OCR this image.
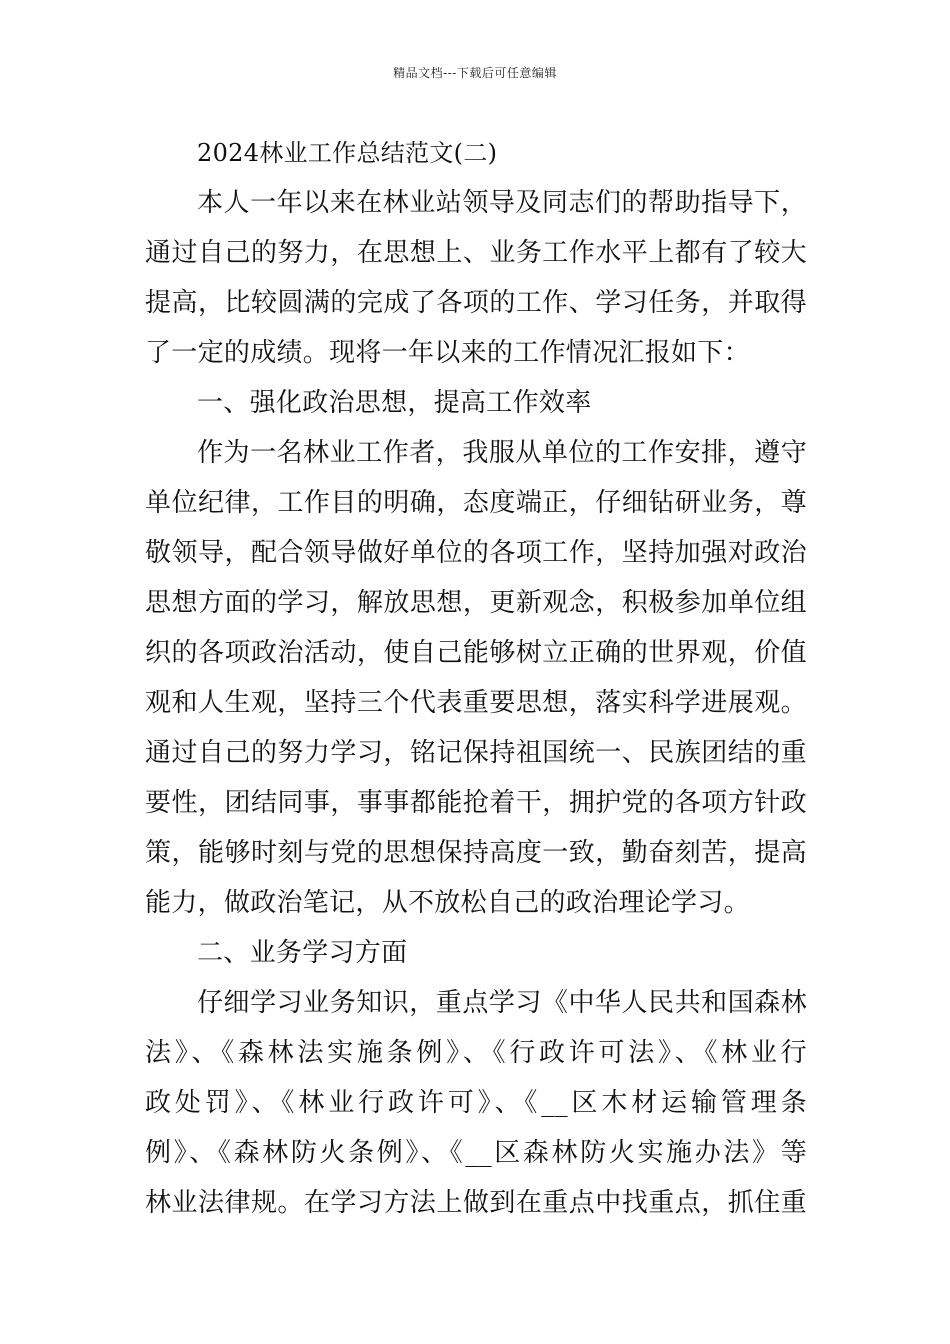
精品文档---下载后可任意编辑
2024林业工作总结范文(二)
本人一年以来在林业站领导及同志们的帮助指导下，
通过自己的努力，在思想上、业务工作水平上都有了较大
提高，比较圆满的完成了各项的工作、学习任务，并取得
了一定的成绩。现将一年以来的工作情况汇报如下：
一、强化政治思想，提高工作效率
作为一名林业工作者，我服从单位的工作安排，遵守
单位纪律，工作目的明确，态度端正，仔细钻研业务，尊
敬领导，配合领导做好单位的各项工作，坚持加强对政治
思想方面的学习，解放思想，更新观念，积极参加单位组
织的各项政治活动，使自己能够树立正确的世界观，价值
观和人生观，坚持三个代表重要思想，落实科学进展观。
通过自己的努力学习，铭记保持祖国统一、民族团结的重
要性，团结同事，事事都能抢着干，拥护党的各项方针政
策，能够时刻与党的思想保持高度一致，勤奋刻苦，提高
能力，做政治笔记，从不放松自己的政治理论学习。
二、业务学习方面
仔细学习业务知识，重点学习《中华人民共和国森林
法》、《森林法实施条例》、《行政许可法》、《林业行
政处罚》、《林业行政许可》、《__区木材运输管理条
例》、《森林防火条例》、《__区森林防火实施办法》等
林业法律规。在学习方法上做到在重点中找重点，抓住重
